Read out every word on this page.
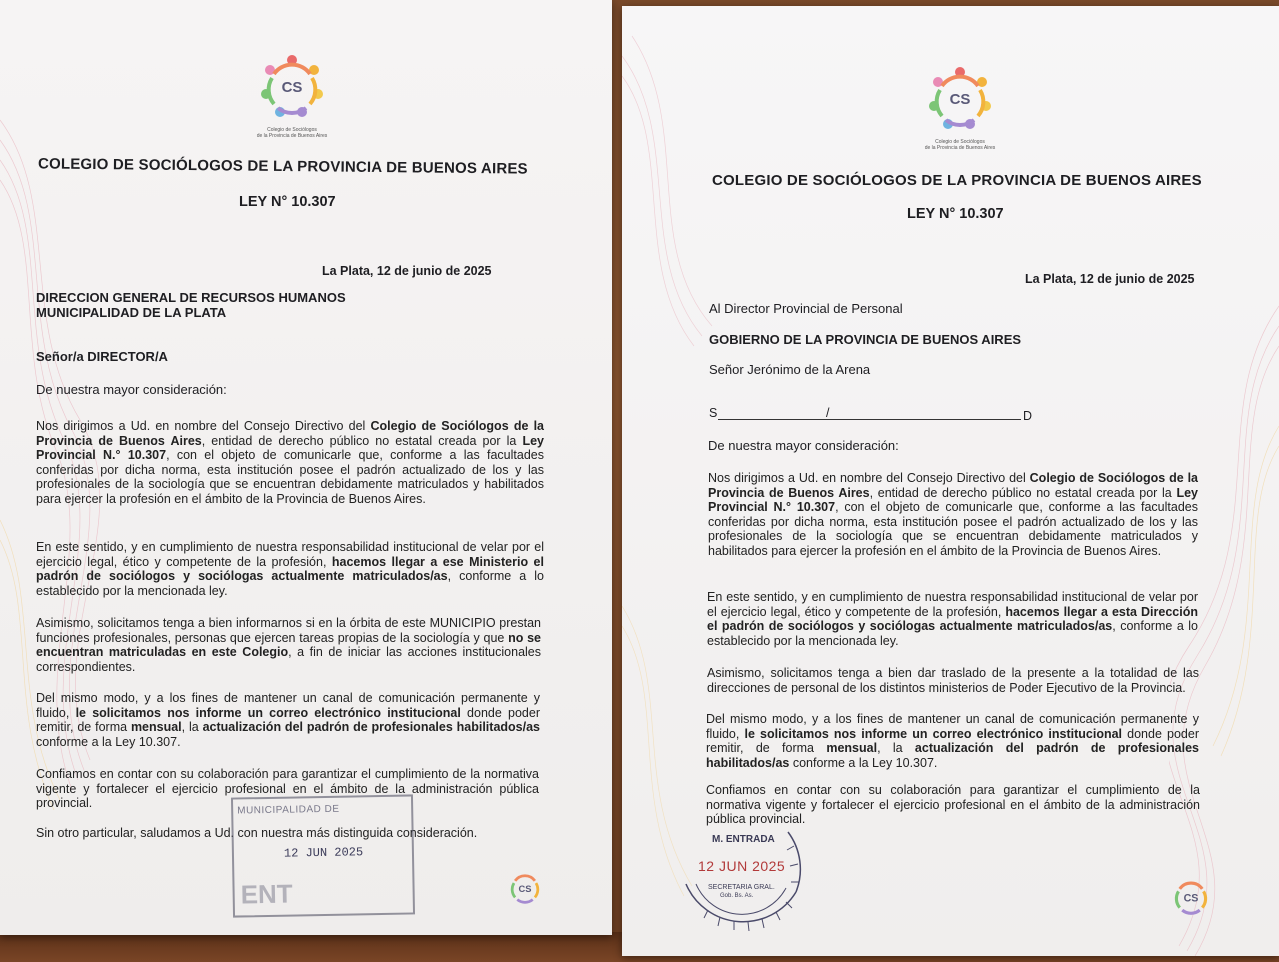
CS
Colegio de Sociólogos
de la Provincia de Buenos Aires
COLEGIO DE SOCIÓLOGOS DE LA PROVINCIA DE BUENOS AIRES
LEY N° 10.307
La Plata, 12 de junio de 2025
DIRECCION GENERAL DE RECURSOS HUMANOS
MUNICIPALIDAD DE LA PLATA
Señor/a DIRECTOR/A
De nuestra mayor consideración:
Nos dirigimos a Ud. en nombre del Consejo Directivo del Colegio de Sociólogos de la Provincia de Buenos Aires, entidad de derecho público no estatal creada por la Ley Provincial N.° 10.307, con el objeto de comunicarle que, conforme a las facultades conferidas por dicha norma, esta institución posee el padrón actualizado de los y las profesionales de la sociología que se encuentran debidamente matriculados y habilitados para ejercer la profesión en el ámbito de la Provincia de Buenos Aires.
En este sentido, y en cumplimiento de nuestra responsabilidad institucional de velar por el ejercicio legal, ético y competente de la profesión, hacemos llegar a ese Ministerio el padrón de sociólogos y sociólogas actualmente matriculados/as, conforme a lo establecido por la mencionada ley.
Asimismo, solicitamos tenga a bien informarnos si en la órbita de este MUNICIPIO prestan funciones profesionales, personas que ejercen tareas propias de la sociología y que no se encuentran matriculadas en este Colegio, a fin de iniciar las acciones institucionales correspondientes.
Del mismo modo, y a los fines de mantener un canal de comunicación permanente y fluido, le solicitamos nos informe un correo electrónico institucional donde poder remitir, de forma mensual, la actualización del padrón de profesionales habilitados/as conforme a la Ley 10.307.
Confiamos en contar con su colaboración para garantizar el cumplimiento de la normativa vigente y fortalecer el ejercicio profesional en el ámbito de la administración pública provincial.
Sin otro particular, saludamos a Ud. con nuestra más distinguida consideración.
MUNICIPALIDAD DE
12 JUN 2025
ENT	CS
CS
Colegio de Sociólogos
de la Provincia de Buenos Aires
COLEGIO DE SOCIÓLOGOS DE LA PROVINCIA DE BUENOS AIRES
LEY N° 10.307
La Plata, 12 de junio de 2025
Al Director Provincial de Personal
GOBIERNO DE LA PROVINCIA DE BUENOS AIRES
Señor Jerónimo de la Arena
S	/	D
De nuestra mayor consideración:
Nos dirigimos a Ud. en nombre del Consejo Directivo del Colegio de Sociólogos de la Provincia de Buenos Aires, entidad de derecho público no estatal creada por la Ley Provincial N.° 10.307, con el objeto de comunicarle que, conforme a las facultades conferidas por dicha norma, esta institución posee el padrón actualizado de los y las profesionales de la sociología que se encuentran debidamente matriculados y habilitados para ejercer la profesión en el ámbito de la Provincia de Buenos Aires.
En este sentido, y en cumplimiento de nuestra responsabilidad institucional de velar por el ejercicio legal, ético y competente de la profesión, hacemos llegar a esta Dirección el padrón de sociólogos y sociólogas actualmente matriculados/as, conforme a lo establecido por la mencionada ley.
Asimismo, solicitamos tenga a bien dar traslado de la presente a la totalidad de las direcciones de personal de los distintos ministerios de Poder Ejecutivo de la Provincia.
Del mismo modo, y a los fines de mantener un canal de comunicación permanente y fluido, le solicitamos nos informe un correo electrónico institucional donde poder remitir, de forma mensual, la actualización del padrón de profesionales habilitados/as conforme a la Ley 10.307.
Confiamos en contar con su colaboración para garantizar el cumplimiento de la normativa vigente y fortalecer el ejercicio profesional en el ámbito de la administración pública provincial.
M. ENTRADA
12 JUN 2025
SECRETARIA GRAL.
Gob. Bs. As.	CS
